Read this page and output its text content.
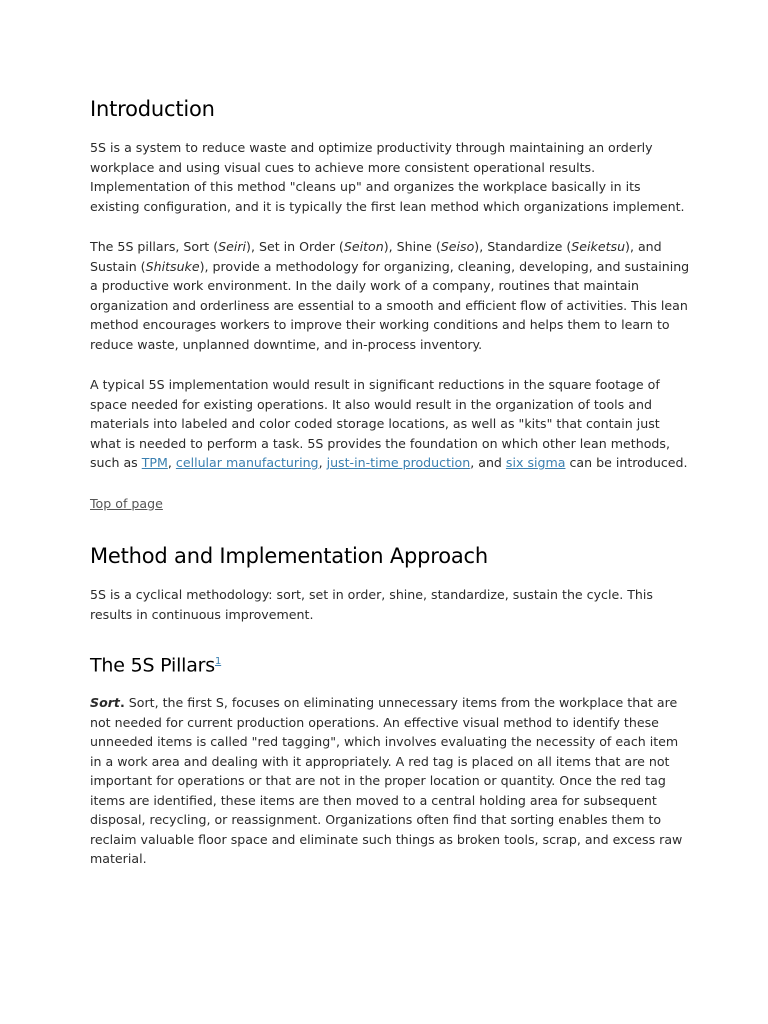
Introduction

5S is a system to reduce waste and optimize productivity through maintaining an orderly workplace and using visual cues to achieve more consistent operational results. Implementation of this method "cleans up" and organizes the workplace basically in its existing configuration, and it is typically the first lean method which organizations implement.

The 5S pillars, Sort (Seiri), Set in Order (Seiton), Shine (Seiso), Standardize (Seiketsu), and Sustain (Shitsuke), provide a methodology for organizing, cleaning, developing, and sustaining a productive work environment. In the daily work of a company, routines that maintain organization and orderliness are essential to a smooth and efficient flow of activities. This lean method encourages workers to improve their working conditions and helps them to learn to reduce waste, unplanned downtime, and in-process inventory.

A typical 5S implementation would result in significant reductions in the square footage of space needed for existing operations. It also would result in the organization of tools and materials into labeled and color coded storage locations, as well as "kits" that contain just what is needed to perform a task. 5S provides the foundation on which other lean methods, such as TPM, cellular manufacturing, just-in-time production, and six sigma can be introduced.

Top of page

Method and Implementation Approach

5S is a cyclical methodology: sort, set in order, shine, standardize, sustain the cycle. This results in continuous improvement.

The 5S Pillars$^1$

Sort. Sort, the first S, focuses on eliminating unnecessary items from the workplace that are not needed for current production operations. An effective visual method to identify these unneeded items is called "red tagging", which involves evaluating the necessity of each item in a work area and dealing with it appropriately. A red tag is placed on all items that are not important for operations or that are not in the proper location or quantity. Once the red tag items are identified, these items are then moved to a central holding area for subsequent disposal, recycling, or reassignment. Organizations often find that sorting enables them to reclaim valuable floor space and eliminate such things as broken tools, scrap, and excess raw material.
